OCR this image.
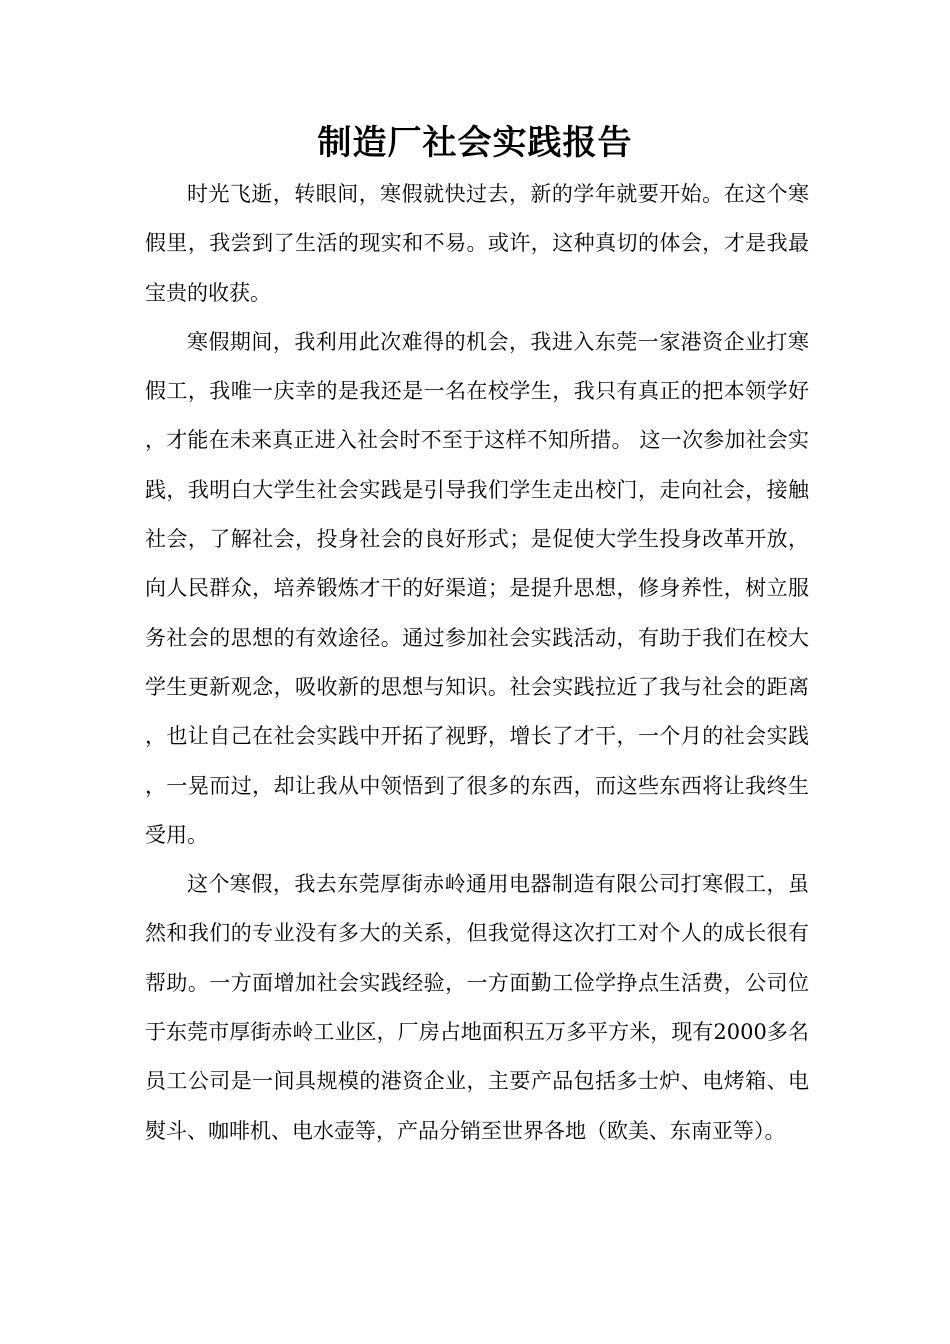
制造厂社会实践报告

时光飞逝，转眼间，寒假就快过去，新的学年就要开始。在这个寒假里，我尝到了生活的现实和不易。或许，这种真切的体会，才是我最宝贵的收获。

寒假期间，我利用此次难得的机会，我进入东莞一家港资企业打寒假工，我唯一庆幸的是我还是一名在校学生，我只有真正的把本领学好，才能在未来真正进入社会时不至于这样不知所措。 这一次参加社会实践，我明白大学生社会实践是引导我们学生走出校门，走向社会，接触社会，了解社会，投身社会的良好形式；是促使大学生投身改革开放，向人民群众，培养锻炼才干的好渠道；是提升思想，修身养性，树立服务社会的思想的有效途径。通过参加社会实践活动，有助于我们在校大学生更新观念，吸收新的思想与知识。社会实践拉近了我与社会的距离，也让自己在社会实践中开拓了视野，增长了才干，一个月的社会实践，一晃而过，却让我从中领悟到了很多的东西，而这些东西将让我终生受用。

这个寒假，我去东莞厚街赤岭通用电器制造有限公司打寒假工，虽然和我们的专业没有多大的关系，但我觉得这次打工对个人的成长很有帮助。一方面增加社会实践经验，一方面勤工俭学挣点生活费，公司位于东莞市厚街赤岭工业区，厂房占地面积五万多平方米，现有2000多名员工公司是一间具规模的港资企业，主要产品包括多士炉、电烤箱、电熨斗、咖啡机、电水壶等，产品分销至世界各地（欧美、东南亚等）。
